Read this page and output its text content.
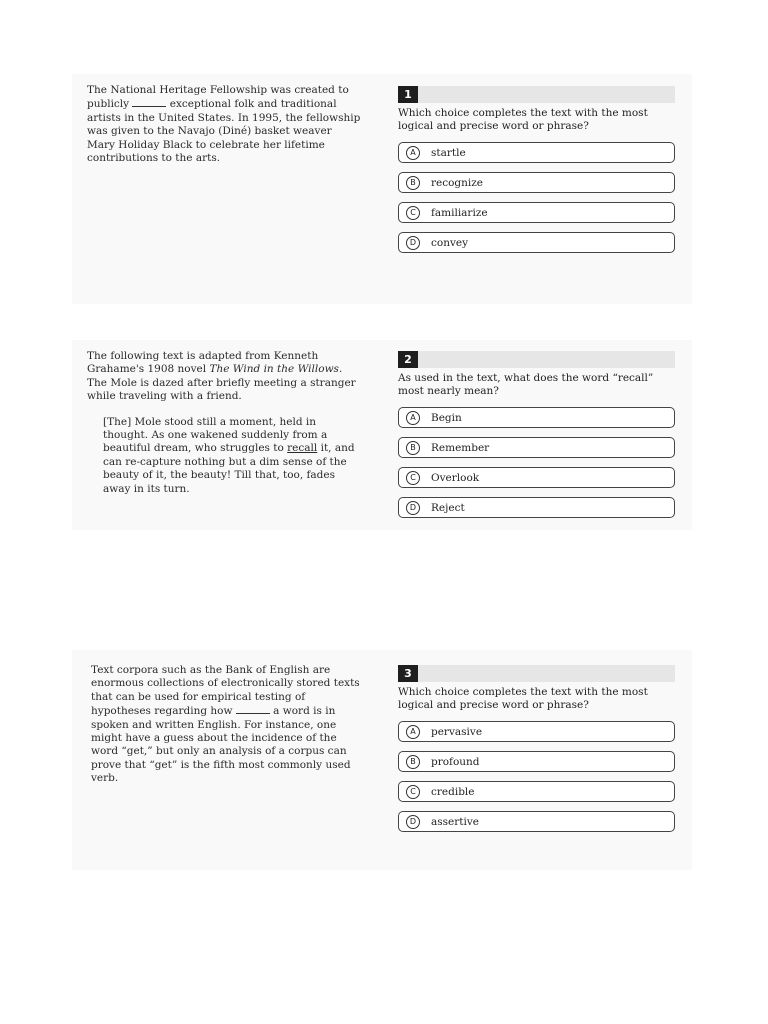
The National Heritage Fellowship was created to publicly	exceptional folk and traditional artists in the United States. In 1995, the fellowship was given to the Navajo (Diné) basket weaver Mary Holiday Black to celebrate her lifetime contributions to the arts.

1
Which choice completes the text with the most logical and precise word or phrase?
A	startle
B	recognize
C	familiarize
D	convey

The following text is adapted from Kenneth Grahame's 1908 novel The Wind in the Willows. The Mole is dazed after briefly meeting a stranger while traveling with a friend.

[The] Mole stood still a moment, held in thought. As one wakened suddenly from a beautiful dream, who struggles to recall it, and can re-capture nothing but a dim sense of the beauty of it, the beauty! Till that, too, fades away in its turn.

2
As used in the text, what does the word “recall” most nearly mean?
A	Begin
B	Remember
C	Overlook
D	Reject

Text corpora such as the Bank of English are enormous collections of electronically stored texts that can be used for empirical testing of hypotheses regarding how	a word is in spoken and written English. For instance, one might have a guess about the incidence of the word “get,” but only an analysis of a corpus can prove that “get” is the fifth most commonly used verb.

3
Which choice completes the text with the most logical and precise word or phrase?
A	pervasive
B	profound
C	credible
D	assertive
